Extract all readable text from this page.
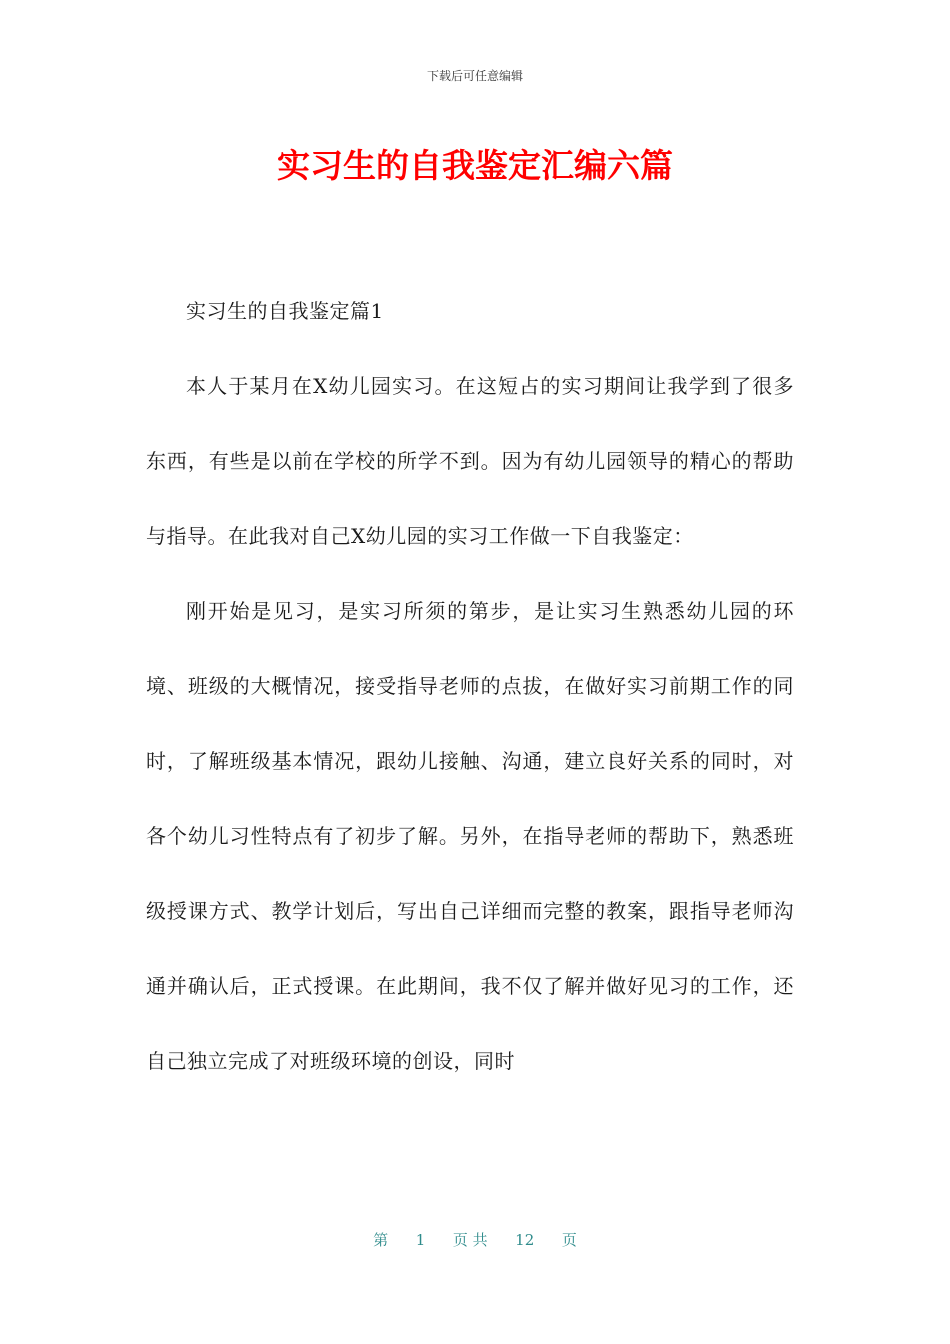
下载后可任意编辑
实习生的自我鉴定汇编六篇

实习生的自我鉴定篇1

本人于某月在X幼儿园实习。在这短占的实习期间让我学到了很多东西，有些是以前在学校的所学不到。因为有幼儿园领导的精心的帮助与指导。在此我对自己X幼儿园的实习工作做一下自我鉴定：

刚开始是见习，是实习所须的第步，是让实习生熟悉幼儿园的环境、班级的大概情况，接受指导老师的点拔，在做好实习前期工作的同时，了解班级基本情况，跟幼儿接触、沟通，建立良好关系的同时，对各个幼儿习性特点有了初步了解。另外，在指导老师的帮助下，熟悉班级授课方式、教学计划后，写出自己详细而完整的教案，跟指导老师沟通并确认后，正式授课。在此期间，我不仅了解并做好见习的工作，还自己独立完成了对班级环境的创设，同时

第 1 页 共 12 页
